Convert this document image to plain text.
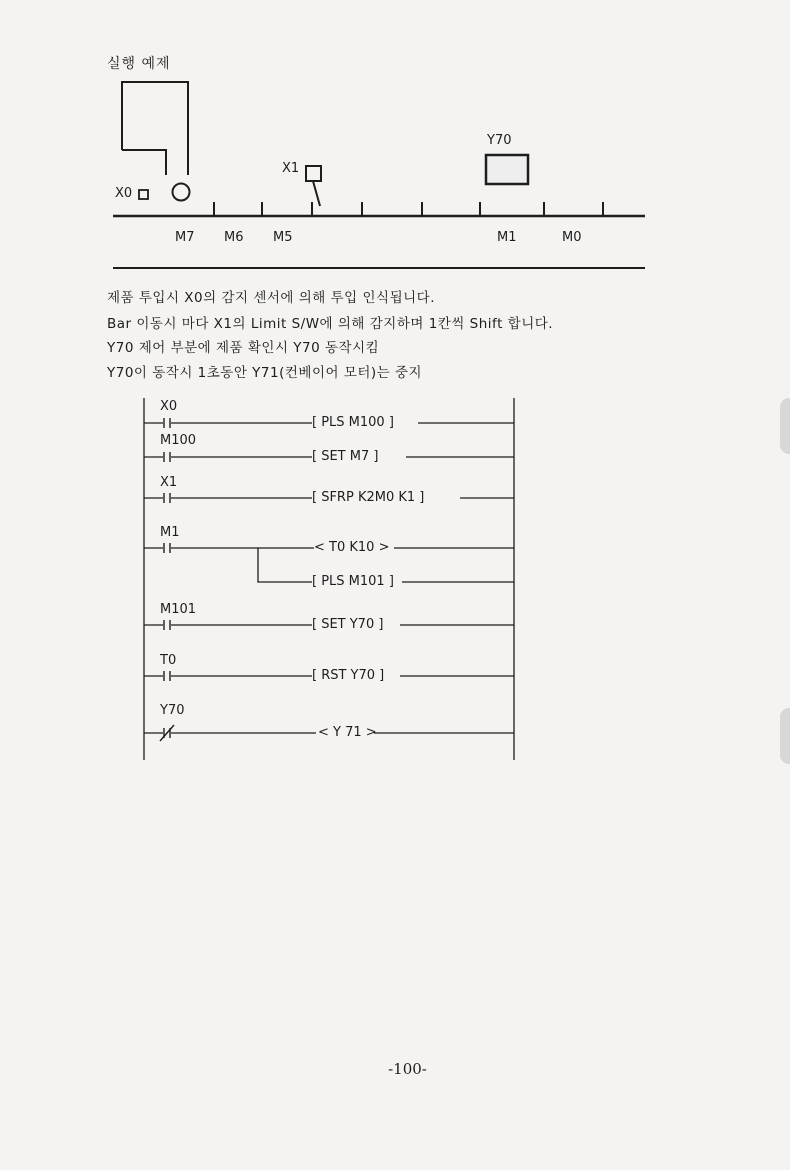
실행 예제
X0
X1
Y70
M7 M6 M5	M1	M0
제품 투입시 X0의 감지 센서에 의해 투입 인식됩니다.
Bar 이동시 마다 X1의 Limit S/W에 의해 감지하며 1칸씩 Shift 합니다.
Y70 제어 부분에 제품 확인시 Y70 동작시킴
Y70이 동작시 1초동안 Y71(컨베이어 모터)는 중지
X0
[ PLS M100 ]
M100
[ SET M7 ]
X1
[ SFRP K2M0 K1 ]
M1
< T0 K10 >
[ PLS M101 ]
M101
[ SET Y70 ]
T0
[ RST Y70 ]
Y70
< Y 71 >
-100-
